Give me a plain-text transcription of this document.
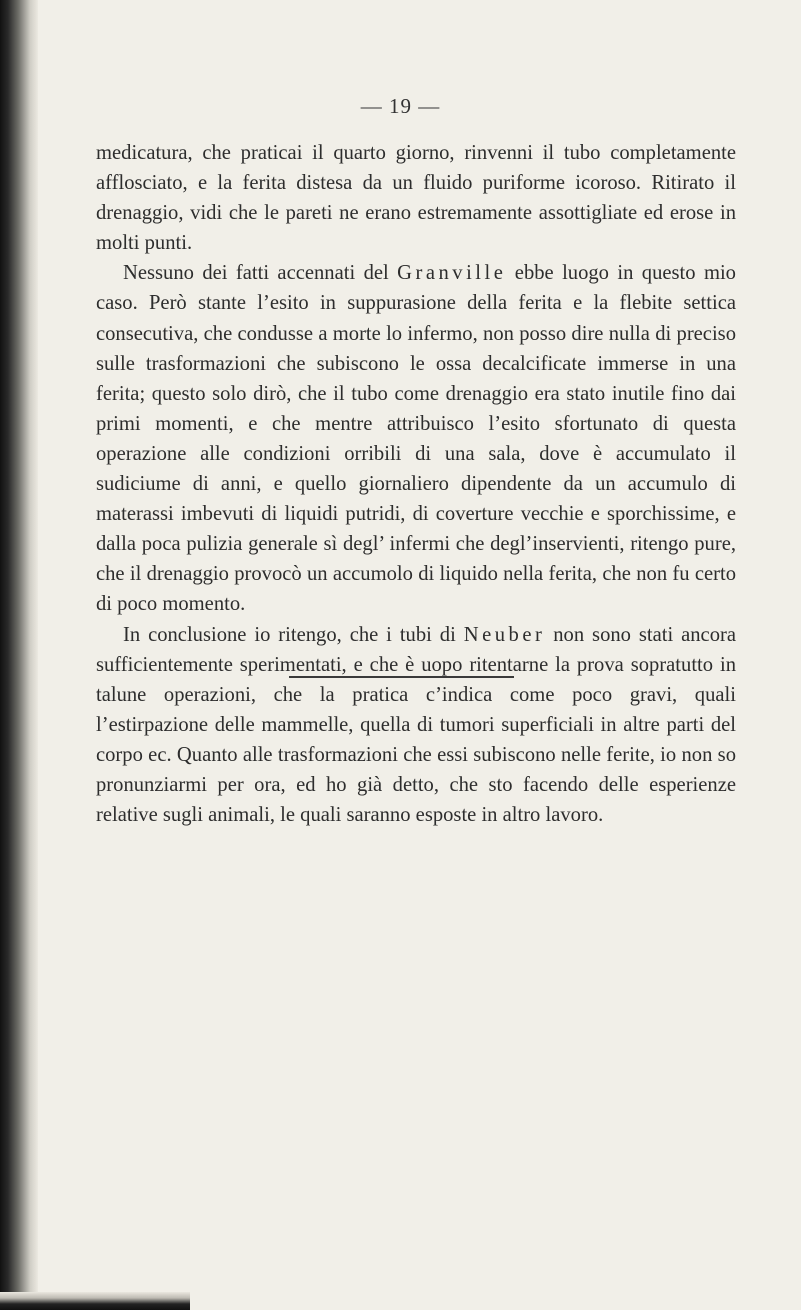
— 19 —

medicatura, che praticai il quarto giorno, rinvenni il tubo completamente afflosciato, e la ferita distesa da un fluido puriforme icoroso. Ritirato il drenaggio, vidi che le pareti ne erano estremamente assottigliate ed erose in molti punti.

Nessuno dei fatti accennati del Granville ebbe luogo in questo mio caso. Però stante l’esito in suppurasione della ferita e la flebite settica consecutiva, che condusse a morte lo infermo, non posso dire nulla di preciso sulle trasformazioni che subiscono le ossa decalcificate immerse in una ferita; questo solo dirò, che il tubo come drenaggio era stato inutile fino dai primi momenti, e che mentre attribuisco l’esito sfortunato di questa operazione alle condizioni orribili di una sala, dove è accumulato il sudiciume di anni, e quello giornaliero dipendente da un accumulo di materassi imbevuti di liquidi putridi, di coverture vecchie e sporchissime, e dalla poca pulizia generale sì degl’ infermi che degl’inservienti, ritengo pure, che il drenaggio provocò un accumolo di liquido nella ferita, che non fu certo di poco momento.

In conclusione io ritengo, che i tubi di Neuber non sono stati ancora sufficientemente sperimentati, e che è uopo ritentarne la prova sopratutto in talune operazioni, che la pratica c’indica come poco gravi, quali l’estirpazione delle mammelle, quella di tumori superficiali in altre parti del corpo ec. Quanto alle trasformazioni che essi subiscono nelle ferite, io non so pronunziarmi per ora, ed ho già detto, che sto facendo delle esperienze relative sugli animali, le quali saranno esposte in altro lavoro.
